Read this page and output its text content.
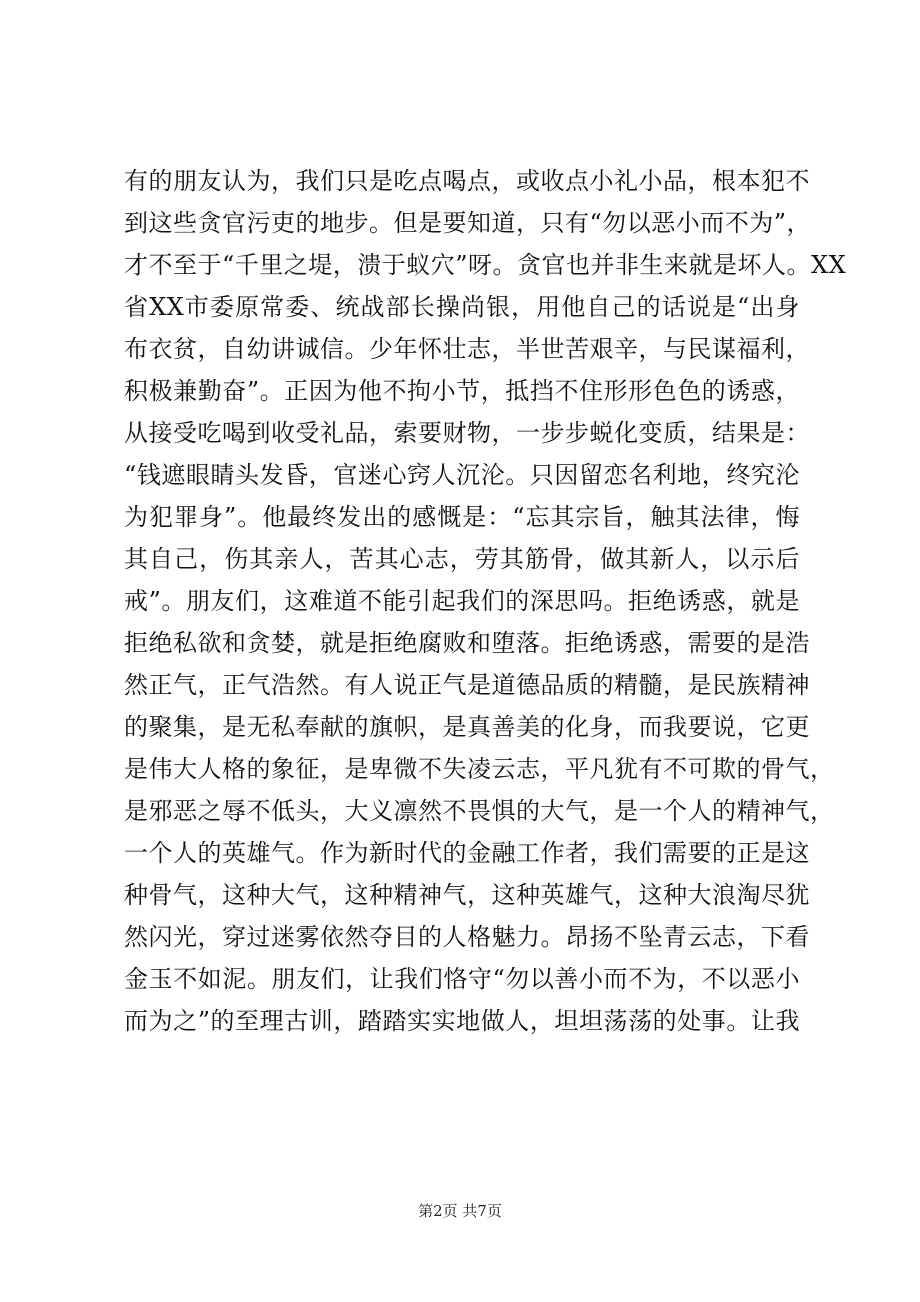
有的朋友认为，我们只是吃点喝点，或收点小礼小品，根本犯不
到这些贪官污吏的地步。但是要知道，只有“勿以恶小而不为”，
才不至于“千里之堤，溃于蚁穴”呀。贪官也并非生来就是坏人。XX
省XX市委原常委、统战部长操尚银，用他自己的话说是“出身
布衣贫，自幼讲诚信。少年怀壮志，半世苦艰辛，与民谋福利，
积极兼勤奋”。正因为他不拘小节，抵挡不住形形色色的诱惑，
从接受吃喝到收受礼品，索要财物，一步步蜕化变质，结果是：
“钱遮眼睛头发昏，官迷心窍人沉沦。只因留恋名利地，终究沦
为犯罪身”。他最终发出的感慨是：“忘其宗旨，触其法律，悔
其自己，伤其亲人，苦其心志，劳其筋骨，做其新人，以示后
戒”。朋友们，这难道不能引起我们的深思吗。拒绝诱惑，就是
拒绝私欲和贪婪，就是拒绝腐败和堕落。拒绝诱惑，需要的是浩
然正气，正气浩然。有人说正气是道德品质的精髓，是民族精神
的聚集，是无私奉献的旗帜，是真善美的化身，而我要说，它更
是伟大人格的象征，是卑微不失凌云志，平凡犹有不可欺的骨气，
是邪恶之辱不低头，大义凛然不畏惧的大气，是一个人的精神气，
一个人的英雄气。作为新时代的金融工作者，我们需要的正是这
种骨气，这种大气，这种精神气，这种英雄气，这种大浪淘尽犹
然闪光，穿过迷雾依然夺目的人格魅力。昂扬不坠青云志，下看
金玉不如泥。朋友们，让我们恪守“勿以善小而不为，不以恶小
而为之”的至理古训，踏踏实实地做人，坦坦荡荡的处事。让我
第2页 共7页
